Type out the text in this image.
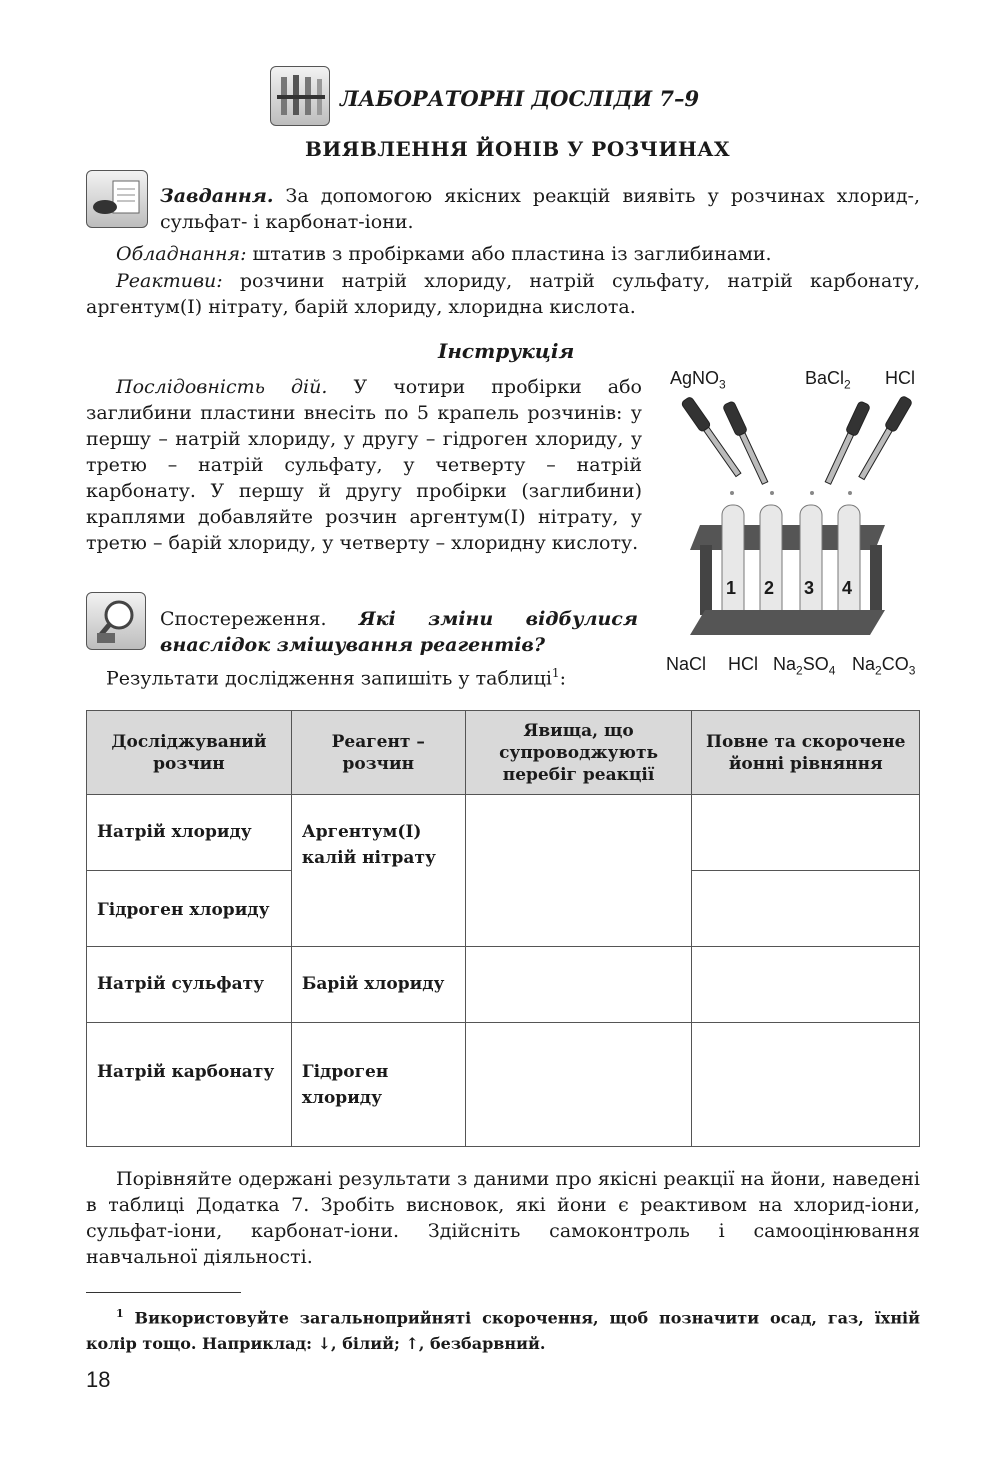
ЛАБОРАТОРНІ ДОСЛІДИ 7–9
ВИЯВЛЕННЯ ЙОНІВ У РОЗЧИНАХ
Завдання. За допомогою якісних реакцій виявіть у розчинах хлорид-, сульфат- і карбонат-іони.
Обладнання: штатив з пробірками або пластина із заглибинами.
Реактиви: розчини натрій хлориду, натрій сульфату, натрій карбонату, аргентум(I) нітрату, барій хлориду, хлоридна кислота.
Інструкція
Послідовність дій. У чотири пробірки або заглибини пластини внесіть по 5 крапель розчинів: у першу – натрій хлориду, у другу – гідроген хлориду, у третю – натрій сульфату, у четверту – натрій карбонату. У першу й другу пробірки (заглибини) краплями добавляйте розчин аргентум(I) нітрату, у третю – барій хлориду, у четверту – хлоридну кислоту.
Спостереження. Які зміни відбулися внаслідок змішування реагентів?
Результати дослідження запишіть у таблиці$^1$:
AgNO$_3$	BaCl$_2$ HCl
1 2 3 4
NaCl HCl $Na_2SO_4$ $Na_2CO_3$
Досліджуваний розчин	Реагент – розчин	Явища, що супроводжують перебіг реакції	Повне та скорочене йонні рівняння
Натрій хлориду	Аргентум(I) калій нітрату		
Гідроген хлориду			
Натрій сульфату	Барій хлориду		
Натрій карбонату	Гідроген хлориду		
Порівняйте одержані результати з даними про якісні реакції на йони, наведені в таблиці Додатка 7. Зробіть висновок, які йони є реактивом на хлорид-іони, сульфат-іони, карбонат-іони. Здійсніть самоконтроль і самооцінювання навчальної діяльності.
$^1$ Використовуйте загальноприйняті скорочення, щоб позначити осад, газ, їхній колір тощо. Наприклад: ↓, білий; ↑, безбарвний.
18
